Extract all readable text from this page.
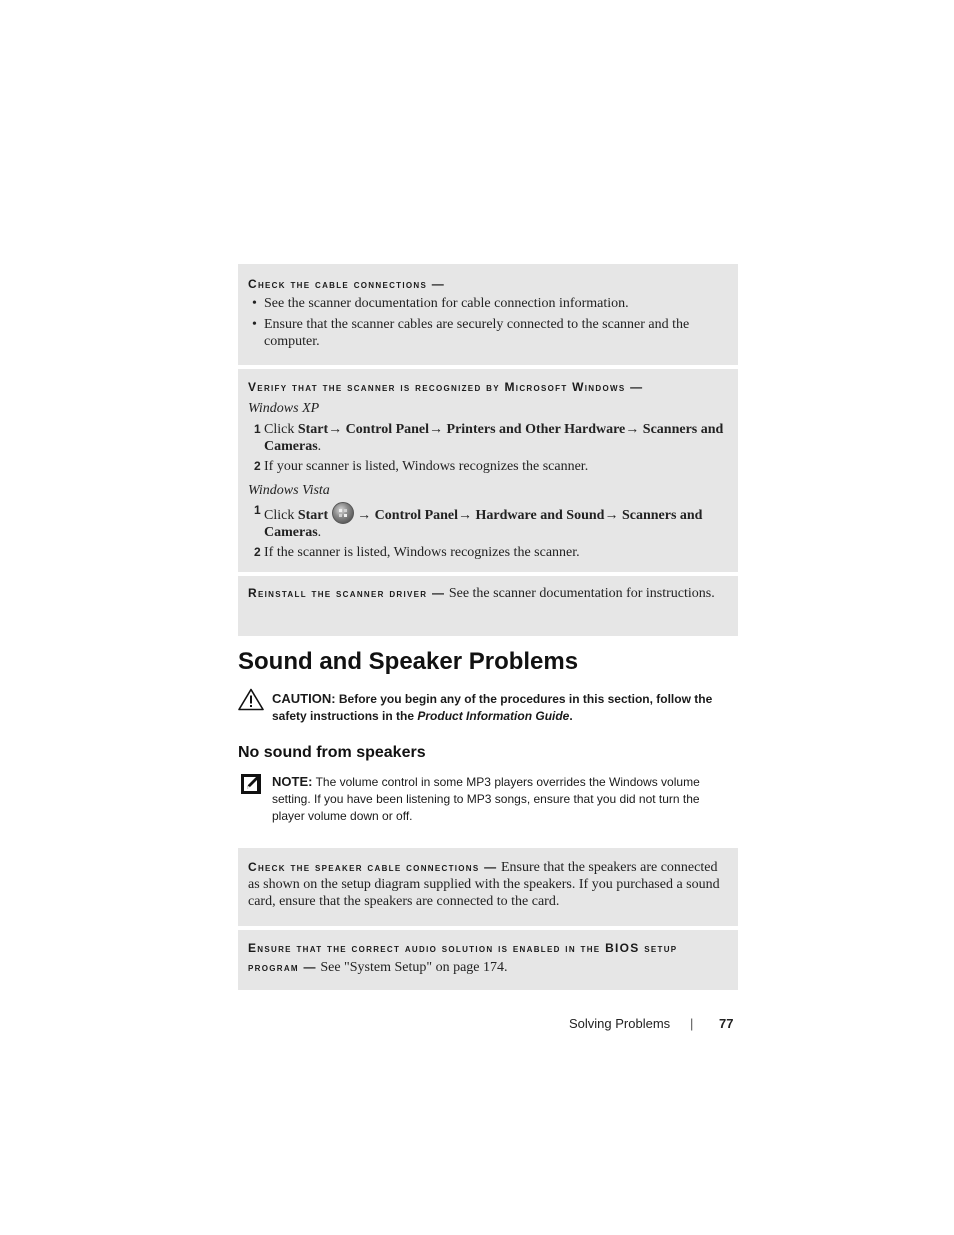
Check the cable connections —
• See the scanner documentation for cable connection information.
• Ensure that the scanner cables are securely connected to the scanner and the computer.
Verify that the scanner is recognized by Microsoft Windows —
Windows XP
1 Click Start→ Control Panel→ Printers and Other Hardware→ Scanners and Cameras.
2 If your scanner is listed, Windows recognizes the scanner.
Windows Vista
1 Click Start → Control Panel→ Hardware and Sound→ Scanners and Cameras.
2 If the scanner is listed, Windows recognizes the scanner.
Reinstall the scanner driver — See the scanner documentation for instructions.
Sound and Speaker Problems
CAUTION: Before you begin any of the procedures in this section, follow the safety instructions in the Product Information Guide.
No sound from speakers
NOTE: The volume control in some MP3 players overrides the Windows volume setting. If you have been listening to MP3 songs, ensure that you did not turn the player volume down or off.
Check the speaker cable connections — Ensure that the speakers are connected as shown on the setup diagram supplied with the speakers. If you purchased a sound card, ensure that the speakers are connected to the card.
Ensure that the correct audio solution is enabled in the BIOS setup program — See "System Setup" on page 174.
Solving Problems | 77
